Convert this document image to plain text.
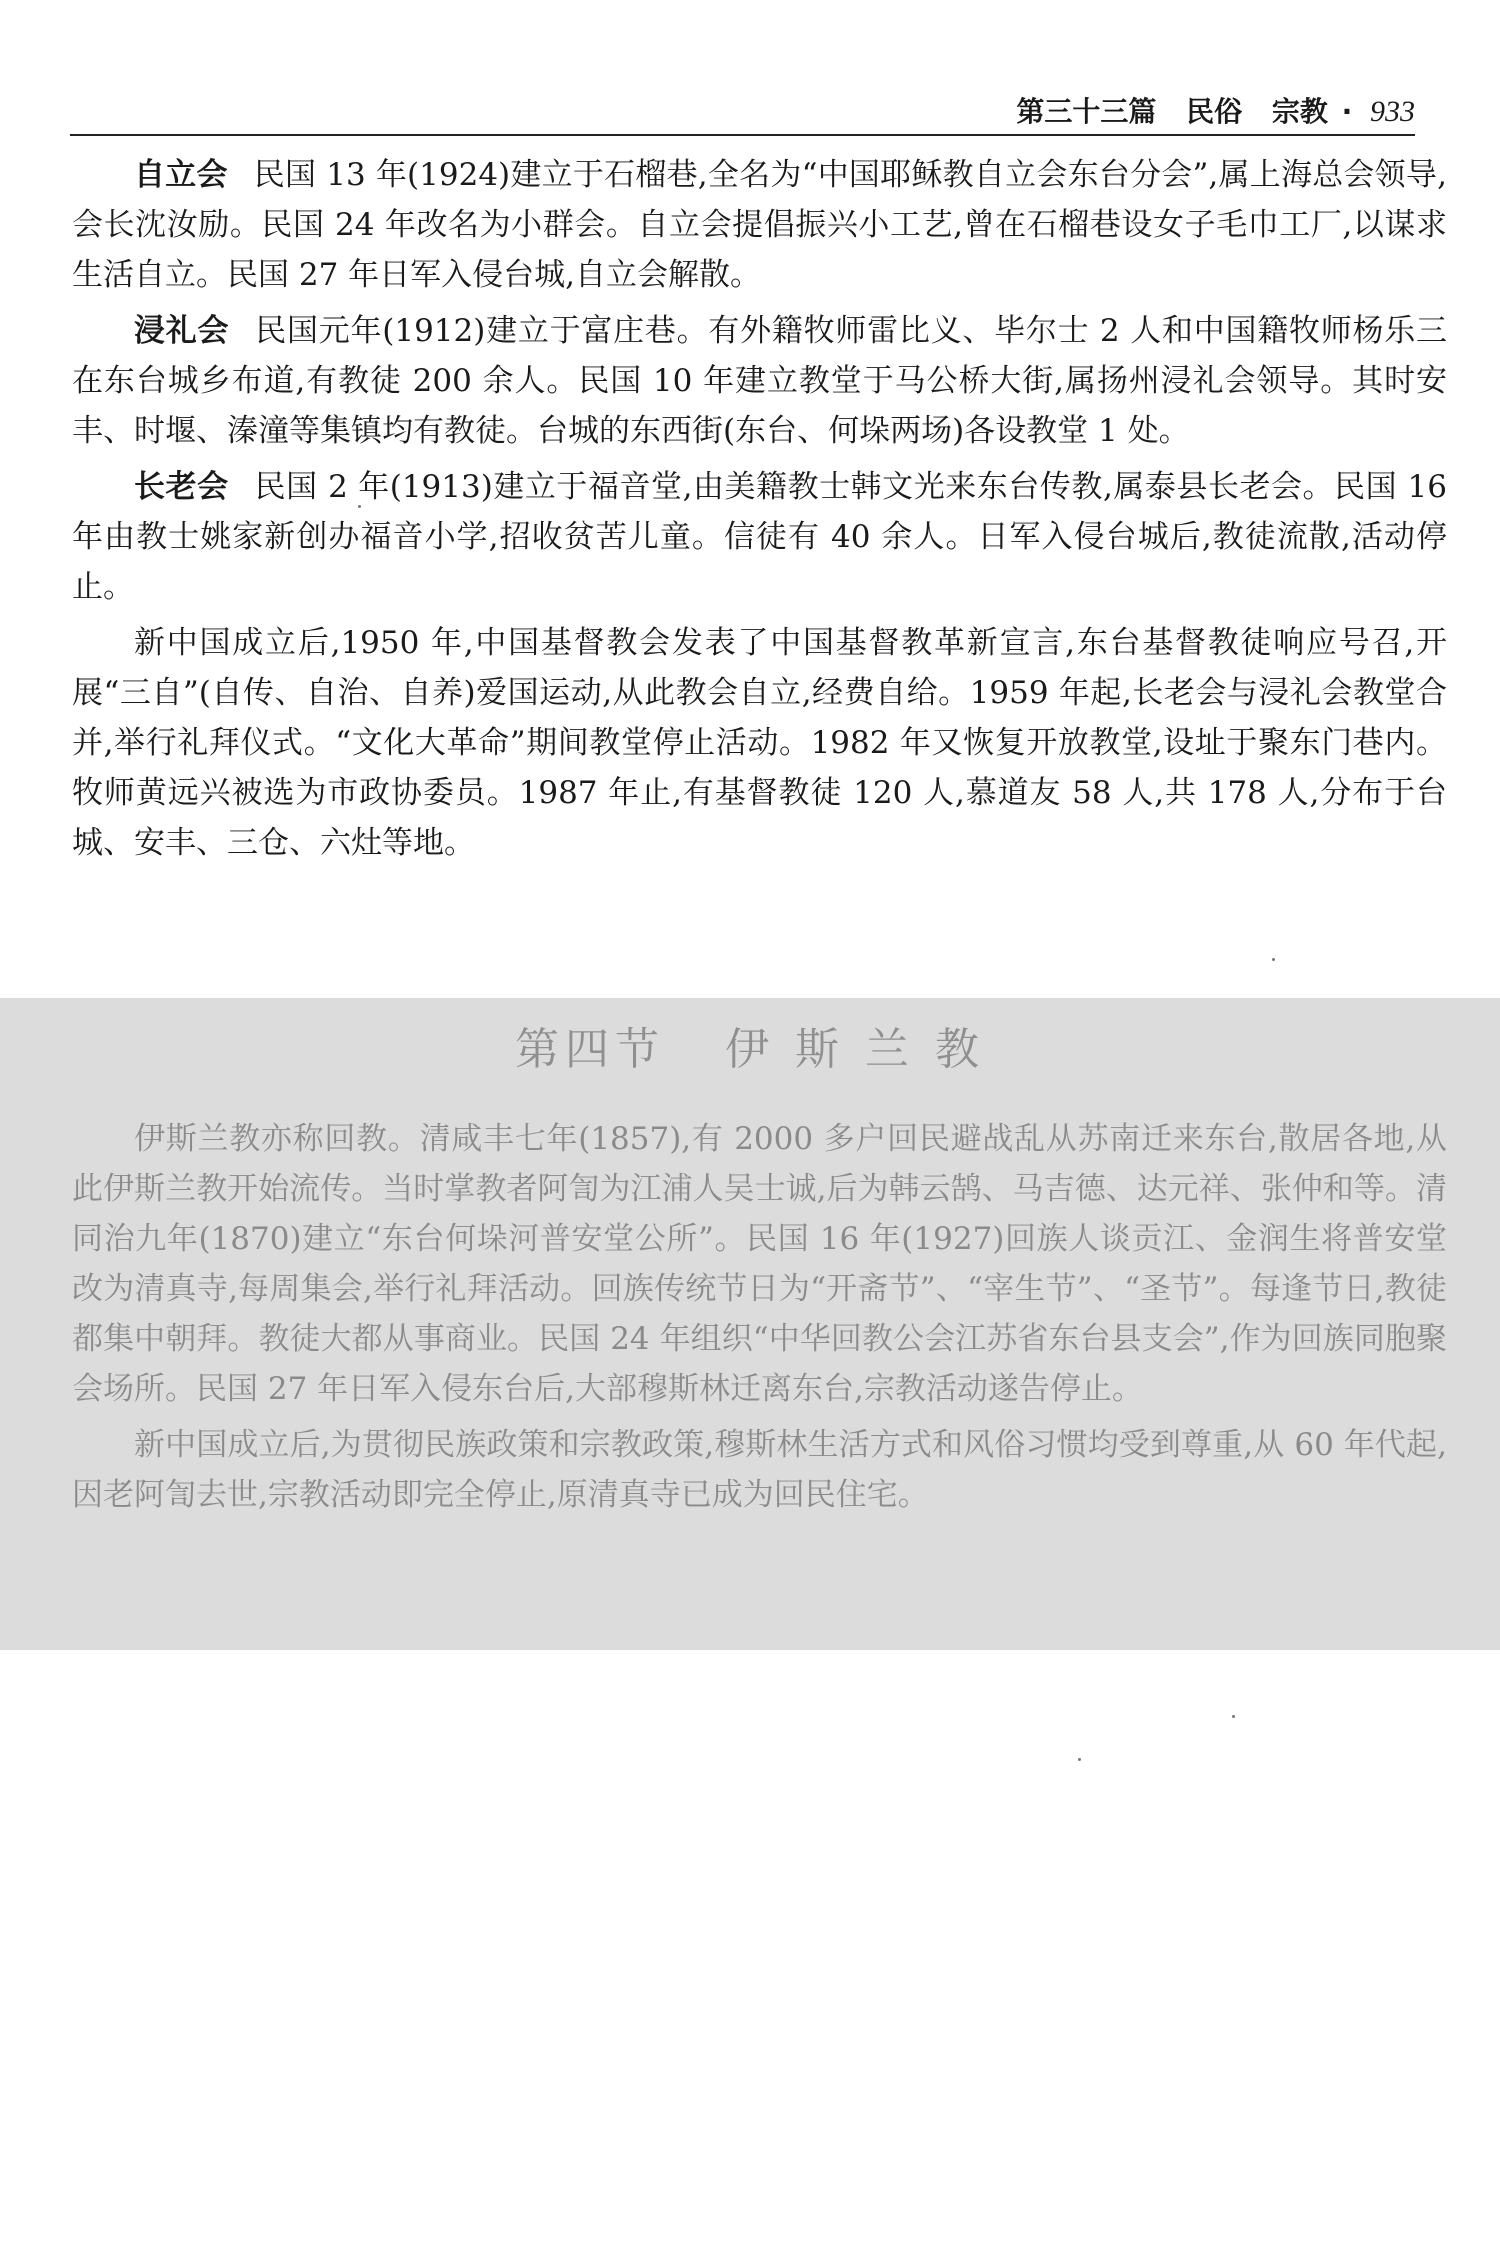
第三十三篇 民俗 宗教 · 933

自立会 民国 13 年(1924)建立于石榴巷,全名为“中国耶稣教自立会东台分会”,属上海总会领导,会长沈汝励。民国 24 年改名为小群会。自立会提倡振兴小工艺,曾在石榴巷设女子毛巾工厂,以谋求生活自立。民国 27 年日军入侵台城,自立会解散。

浸礼会 民国元年(1912)建立于富庄巷。有外籍牧师雷比义、毕尔士 2 人和中国籍牧师杨乐三在东台城乡布道,有教徒 200 余人。民国 10 年建立教堂于马公桥大街,属扬州浸礼会领导。其时安丰、时堰、溱潼等集镇均有教徒。台城的东西街(东台、何垛两场)各设教堂 1 处。

长老会 民国 2 年(1913)建立于福音堂,由美籍教士韩文光来东台传教,属泰县长老会。民国 16 年由教士姚家新创办福音小学,招收贫苦儿童。信徒有 40 余人。日军入侵台城后,教徒流散,活动停止。

新中国成立后,1950 年,中国基督教会发表了中国基督教革新宣言,东台基督教徒响应号召,开展“三自”(自传、自治、自养)爱国运动,从此教会自立,经费自给。1959 年起,长老会与浸礼会教堂合并,举行礼拜仪式。“文化大革命”期间教堂停止活动。1982 年又恢复开放教堂,设址于聚东门巷内。牧师黄远兴被选为市政协委员。1987 年止,有基督教徒 120 人,慕道友 58 人,共 178 人,分布于台城、安丰、三仓、六灶等地。

第四节 伊 斯 兰 教

伊斯兰教亦称回教。清咸丰七年(1857),有 2000 多户回民避战乱从苏南迁来东台,散居各地,从此伊斯兰教开始流传。当时掌教者阿訇为江浦人吴士诚,后为韩云鹄、马吉德、达元祥、张仲和等。清同治九年(1870)建立“东台何垛河普安堂公所”。民国 16 年(1927)回族人谈贡江、金润生将普安堂改为清真寺,每周集会,举行礼拜活动。回族传统节日为“开斋节”、“宰生节”、“圣节”。每逢节日,教徒都集中朝拜。教徒大都从事商业。民国 24 年组织“中华回教公会江苏省东台县支会”,作为回族同胞聚会场所。民国 27 年日军入侵东台后,大部穆斯林迁离东台,宗教活动遂告停止。

新中国成立后,为贯彻民族政策和宗教政策,穆斯林生活方式和风俗习惯均受到尊重,从 60 年代起,因老阿訇去世,宗教活动即完全停止,原清真寺已成为回民住宅。
